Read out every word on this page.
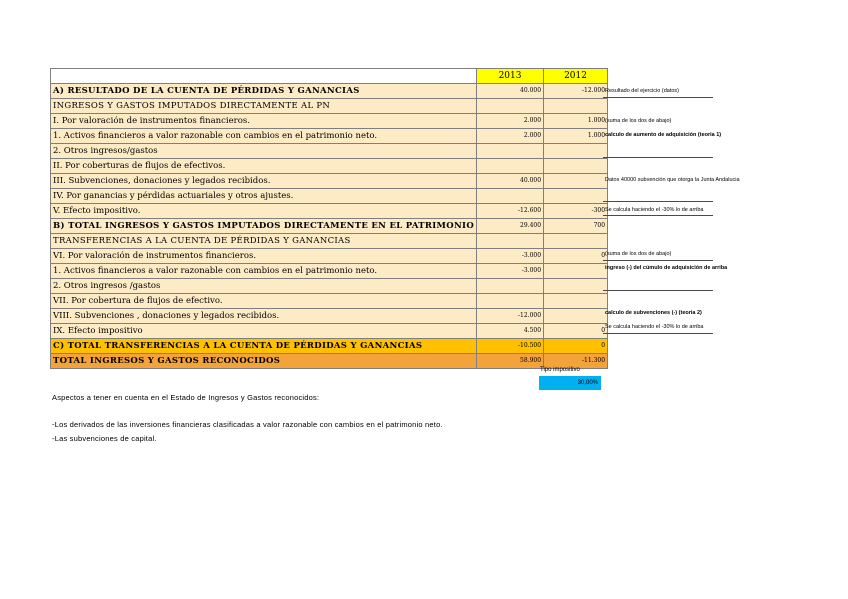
	2013	2012
A) RESULTADO DE LA CUENTA DE PÉRDIDAS Y GANANCIAS	40.000	-12.000
INGRESOS Y GASTOS IMPUTADOS DIRECTAMENTE AL PN		
I. Por valoración de instrumentos financieros.	2.000	1.000
1. Activos financieros a valor razonable con cambios en el patrimonio neto.	2.000	1.000
2. Otros ingresos/gastos		
II. Por coberturas de flujos de efectivos.		
III. Subvenciones, donaciones y legados recibidos.	40.000	
IV. Por ganancias y pérdidas actuariales y otros ajustes.		
V. Efecto impositivo.	-12.600	-300
B) TOTAL INGRESOS Y GASTOS IMPUTADOS DIRECTAMENTE EN EL PATRIMONIO	29.400	700
TRANSFERENCIAS A LA CUENTA DE PÉRDIDAS Y GANANCIAS		
VI. Por valoración de instrumentos financieros.	-3.000	0
1. Activos financieros a valor razonable con cambios en el patrimonio neto.	-3.000	
2. Otros ingresos /gastos		
VII. Por cobertura de flujos de efectivo.		
VIII. Subvenciones , donaciones y legados recibidos.	-12.000	
IX. Efecto impositivo	4.500	0
C) TOTAL TRANSFERENCIAS A LA CUENTA DE PÉRDIDAS Y GANANCIAS	-10.500	0
TOTAL INGRESOS Y GASTOS RECONOCIDOS	58.900	-11.300
Resultado del ejercicio (datos)
(suma de los dos de abajo)
calculo de aumento de adquisición (teoria 1)
Datos 40000 subvención que otorga la Junta Andalucia
Se calcula haciendo el -30% lo de arriba
(suma de los dos de abajo)
ingreso (-) del cúmulo de adquisición de arriba
calculo de subvenciones (-) (teoria 2)
Se calcula haciendo el -30% lo de arriba
Tipo impositivo
30,00%
Aspectos a tener en cuenta en el Estado de Ingresos y Gastos reconocidos:
-Los derivados de las inversiones financieras clasificadas a valor razonable con cambios en el patrimonio neto.
-Las subvenciones de capital.
